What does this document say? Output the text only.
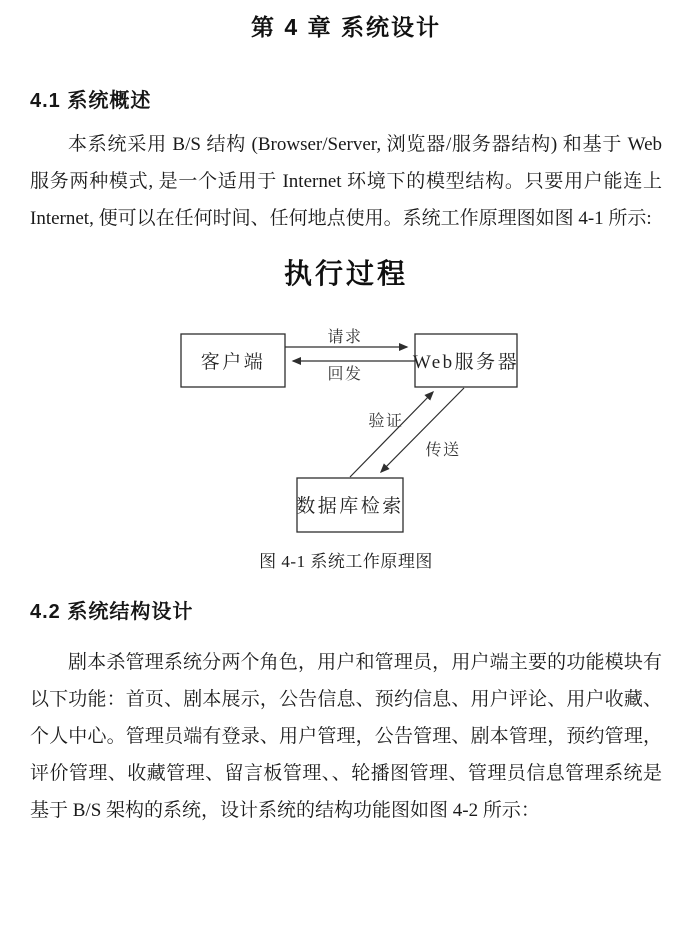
第 4 章 系统设计
4.1 系统概述

本系统采用 B/S 结构 (Browser/Server, 浏览器/服务器结构) 和基于 Web 服务两种模式, 是一个适用于 Internet 环境下的模型结构。只要用户能连上 Internet, 便可以在任何时间、任何地点使用。系统工作原理图如图 4-1 所示:

执行过程
客户端	Web服务器
数据库检索
请求
回发
验证
传送
图 4-1 系统工作原理图
4.2 系统结构设计

剧本杀管理系统分两个角色，用户和管理员，用户端主要的功能模块有以下功能：首页、剧本展示，公告信息、预约信息、用户评论、用户收藏、个人中心。管理员端有登录、用户管理，公告管理、剧本管理，预约管理，评价管理、收藏管理、留言板管理、、轮播图管理、管理员信息管理系统是基于 B/S 架构的系统，设计系统的结构功能图如图 4-2 所示：
